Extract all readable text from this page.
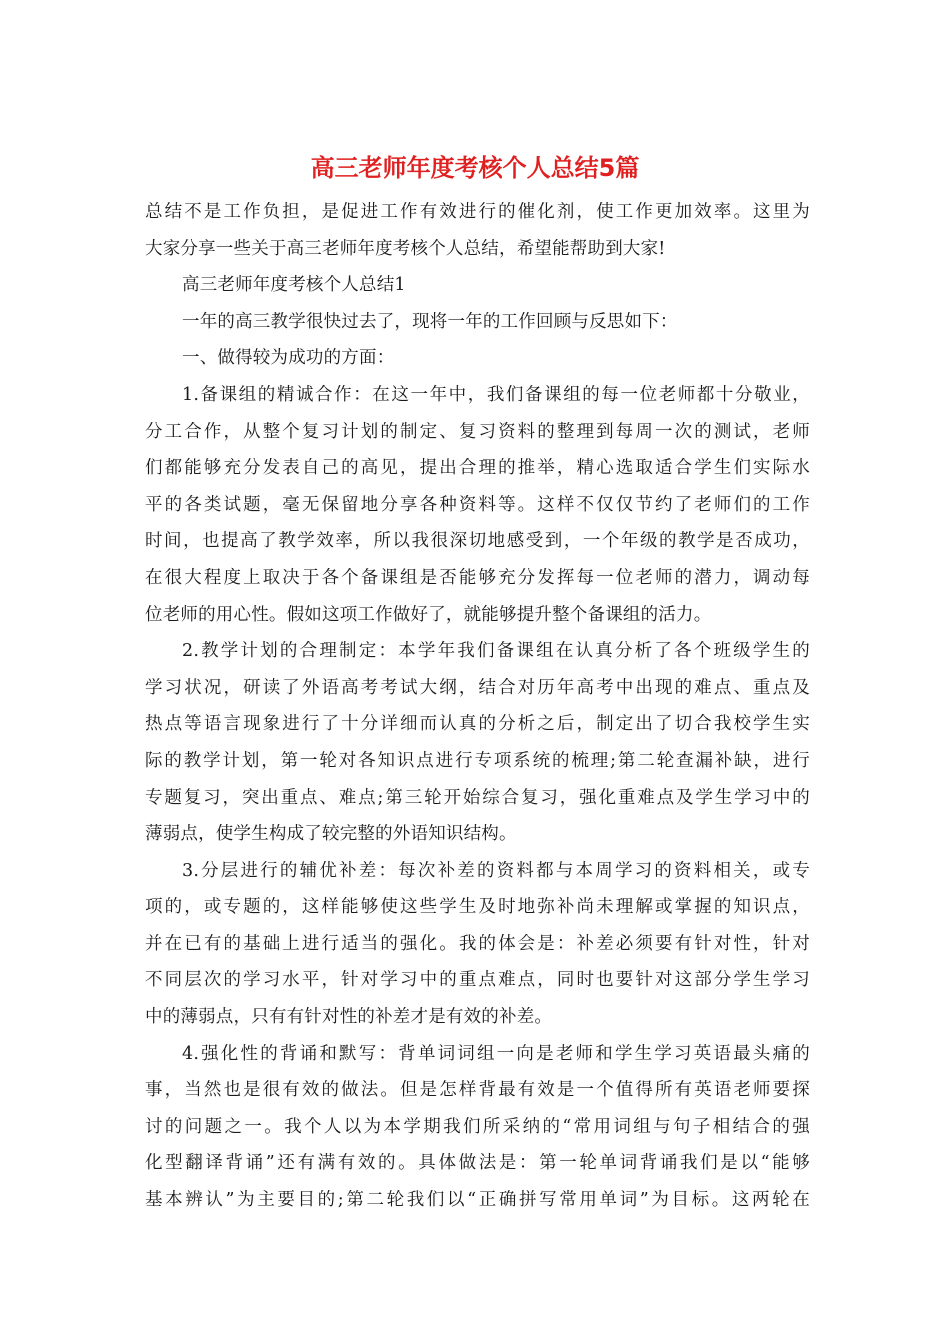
高三老师年度考核个人总结5篇
总结不是工作负担，是促进工作有效进行的催化剂，使工作更加效率。这里为
大家分享一些关于高三老师年度考核个人总结，希望能帮助到大家!
高三老师年度考核个人总结1
一年的高三教学很快过去了，现将一年的工作回顾与反思如下：
一、做得较为成功的方面：
1.备课组的精诚合作：在这一年中，我们备课组的每一位老师都十分敬业，
分工合作，从整个复习计划的制定、复习资料的整理到每周一次的测试，老师
们都能够充分发表自己的高见，提出合理的推举，精心选取适合学生们实际水
平的各类试题，毫无保留地分享各种资料等。这样不仅仅节约了老师们的工作
时间，也提高了教学效率，所以我很深切地感受到，一个年级的教学是否成功，
在很大程度上取决于各个备课组是否能够充分发挥每一位老师的潜力，调动每
位老师的用心性。假如这项工作做好了，就能够提升整个备课组的活力。
2.教学计划的合理制定：本学年我们备课组在认真分析了各个班级学生的
学习状况，研读了外语高考考试大纲，结合对历年高考中出现的难点、重点及
热点等语言现象进行了十分详细而认真的分析之后，制定出了切合我校学生实
际的教学计划，第一轮对各知识点进行专项系统的梳理;第二轮查漏补缺，进行
专题复习，突出重点、难点;第三轮开始综合复习，强化重难点及学生学习中的
薄弱点，使学生构成了较完整的外语知识结构。
3.分层进行的辅优补差：每次补差的资料都与本周学习的资料相关，或专
项的，或专题的，这样能够使这些学生及时地弥补尚未理解或掌握的知识点，
并在已有的基础上进行适当的强化。我的体会是：补差必须要有针对性，针对
不同层次的学习水平，针对学习中的重点难点，同时也要针对这部分学生学习
中的薄弱点，只有有针对性的补差才是有效的补差。
4.强化性的背诵和默写：背单词词组一向是老师和学生学习英语最头痛的
事，当然也是很有效的做法。但是怎样背最有效是一个值得所有英语老师要探
讨的问题之一。我个人以为本学期我们所采纳的“常用词组与句子相结合的强
化型翻译背诵”还有满有效的。具体做法是：第一轮单词背诵我们是以“能够
基本辨认”为主要目的;第二轮我们以“正确拼写常用单词”为目标。这两轮在
